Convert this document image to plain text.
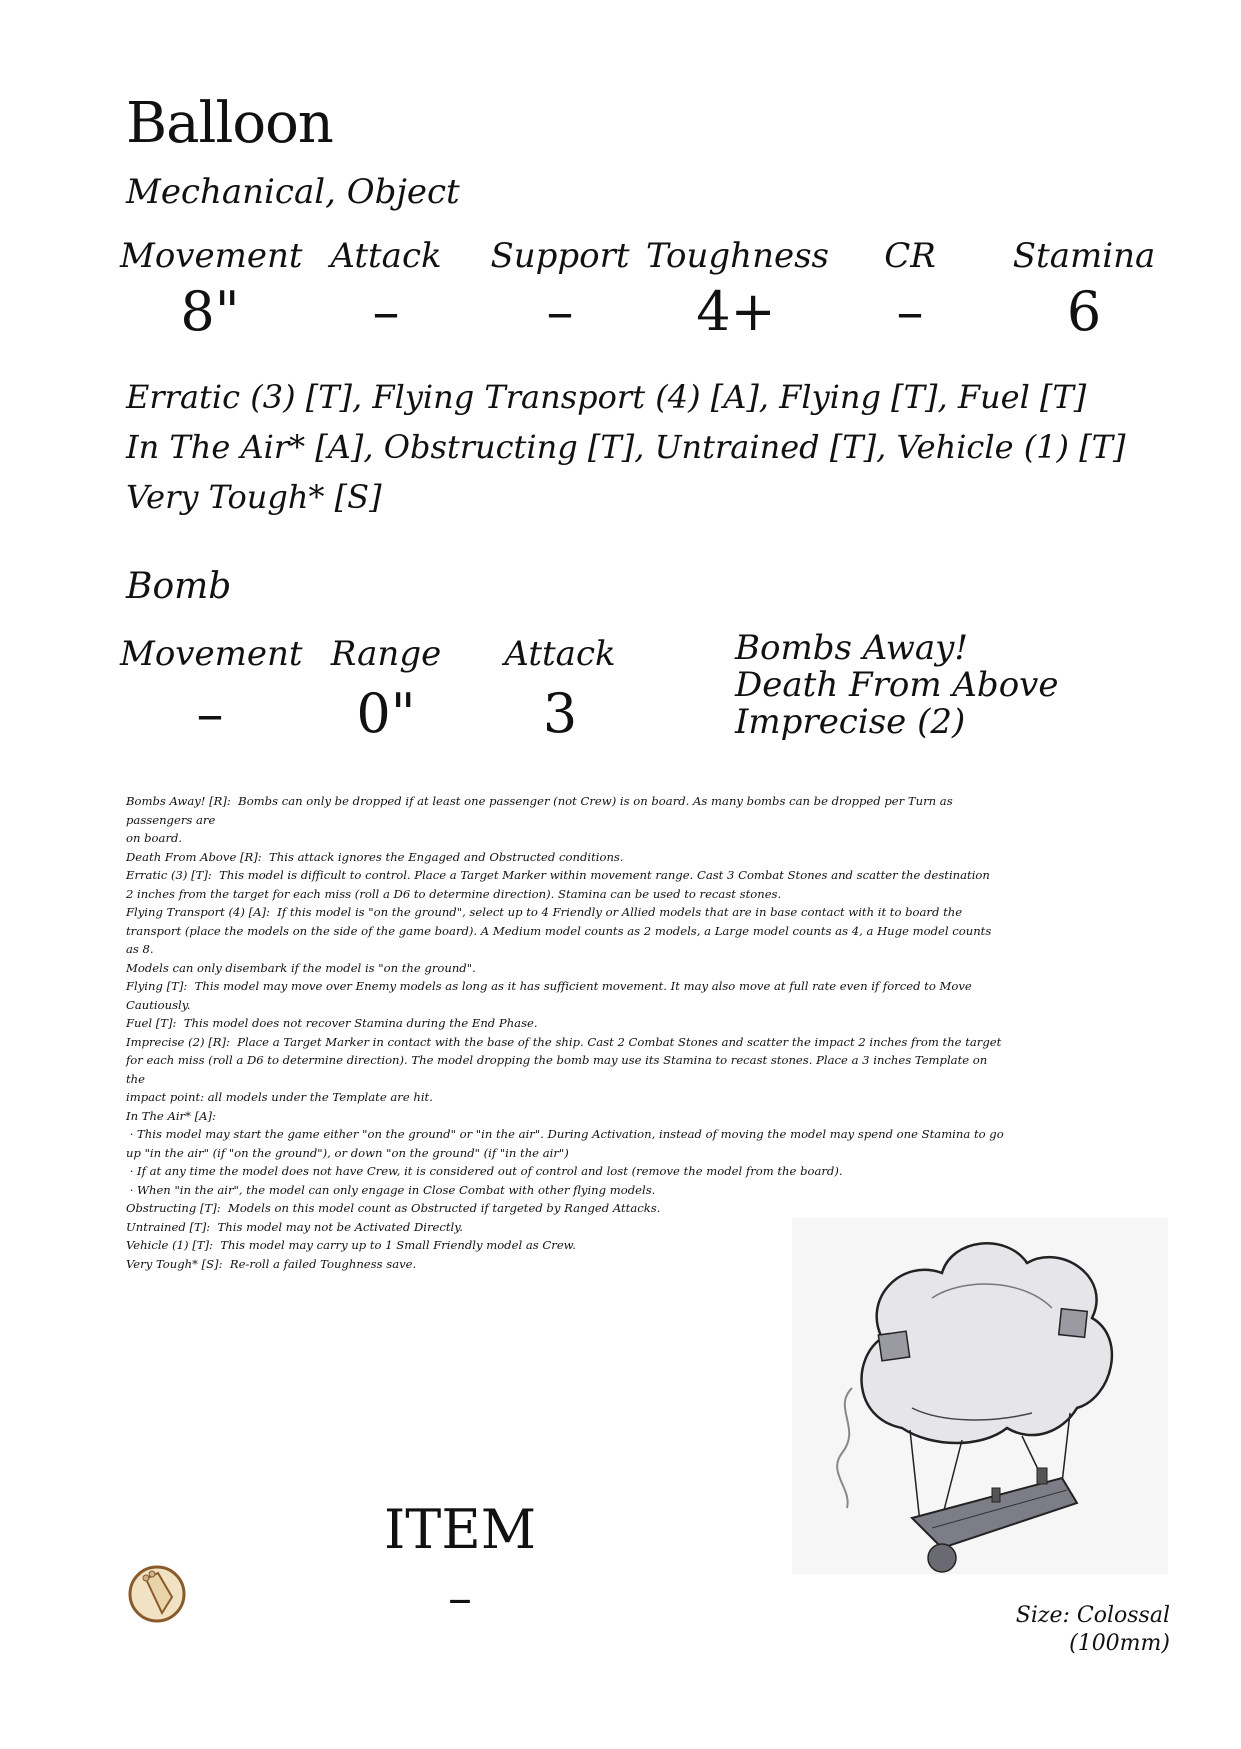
Balloon
Mechanical, Object
Movement
8"
Attack
–
Support
–
Toughness
4+
CR
–
Stamina
6
Erratic (3) [T], Flying Transport (4) [A], Flying [T], Fuel [T]
In The Air* [A], Obstructing [T], Untrained [T], Vehicle (1) [T]
Very Tough* [S]
Bomb
Movement
–
Range
0"
Attack
3
Bombs Away!
Death From Above
Imprecise (2)
Bombs Away! [R]:  Bombs can only be dropped if at least one passenger (not Crew) is on board. As many bombs can be dropped per Turn as passengers are
on board.
Death From Above [R]:  This attack ignores the Engaged and Obstructed conditions.
Erratic (3) [T]:  This model is difficult to control. Place a Target Marker within movement range. Cast 3 Combat Stones and scatter the destination
2 inches from the target for each miss (roll a D6 to determine direction). Stamina can be used to recast stones.
Flying Transport (4) [A]:  If this model is "on the ground", select up to 4 Friendly or Allied models that are in base contact with it to board the
transport (place the models on the side of the game board). A Medium model counts as 2 models, a Large model counts as 4, a Huge model counts as 8.
Models can only disembark if the model is "on the ground".
Flying [T]:  This model may move over Enemy models as long as it has sufficient movement. It may also move at full rate even if forced to Move
Cautiously.
Fuel [T]:  This model does not recover Stamina during the End Phase.
Imprecise (2) [R]:  Place a Target Marker in contact with the base of the ship. Cast 2 Combat Stones and scatter the impact 2 inches from the target
for each miss (roll a D6 to determine direction). The model dropping the bomb may use its Stamina to recast stones. Place a 3 inches Template on the
impact point: all models under the Template are hit.
In The Air* [A]:
· This model may start the game either "on the ground" or "in the air". During Activation, instead of moving the model may spend one Stamina to go
up "in the air" (if "on the ground"), or down "on the ground" (if "in the air")
· If at any time the model does not have Crew, it is considered out of control and lost (remove the model from the board).
· When "in the air", the model can only engage in Close Combat with other flying models.
Obstructing [T]:  Models on this model count as Obstructed if targeted by Ranged Attacks.
Untrained [T]:  This model may not be Activated Directly.
Vehicle (1) [T]:  This model may carry up to 1 Small Friendly model as Crew.
Very Tough* [S]:  Re-roll a failed Toughness save.
ITEM
–	Size: Colossal (100mm)
